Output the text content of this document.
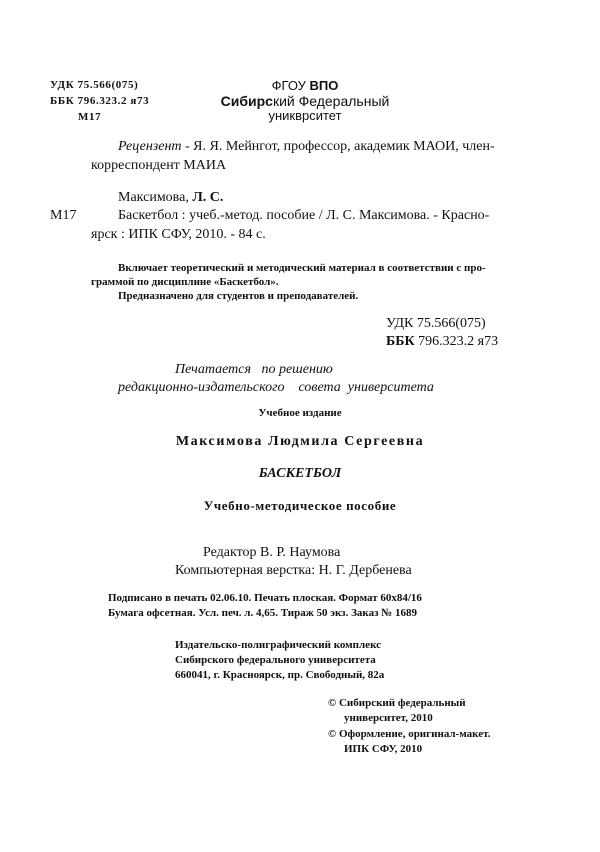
УДК 75.566(075)
ББК 796.323.2 я73
М17
ФГОУ ВПО
Сибирский Федеральный
уникврситет
Рецензент - Я. Я. Мейнгот, профессор, академик МАОИ, член-
корреспондент МАИА
Максимова, Л. С.
М17	Баскетбол : учеб.-метод. пособие / Л. С. Максимова. - Красно-
ярск : ИПК СФУ, 2010. - 84 с.
Включает теоретический и методический материал в соответствии с про-
граммой по дисциплине «Баскетбол».
Предназначено для студентов и преподавателей.
УДК 75.566(075)
ББК 796.323.2 я73
Печатается   по решению
редакционно-издательского    совета  университета
Учебное издание
Максимова Людмила Сергеевна
БАСКЕТБОЛ
Учебно-методическое пособие
Редактор В. Р. Наумова
Компьютерная верстка: Н. Г. Дербенева
Подписано в печать 02.06.10. Печать плоская. Формат 60х84/16
Бумага офсетная. Усл. печ. л. 4,65. Тираж 50 экз. Заказ № 1689
Издательско-полиграфический комплекс
Сибирского федерального университета
660041, г. Красноярск, пр. Свободный, 82а
© Сибирский федеральный
университет, 2010
© Оформление, оригинал-макет.
ИПК СФУ, 2010
